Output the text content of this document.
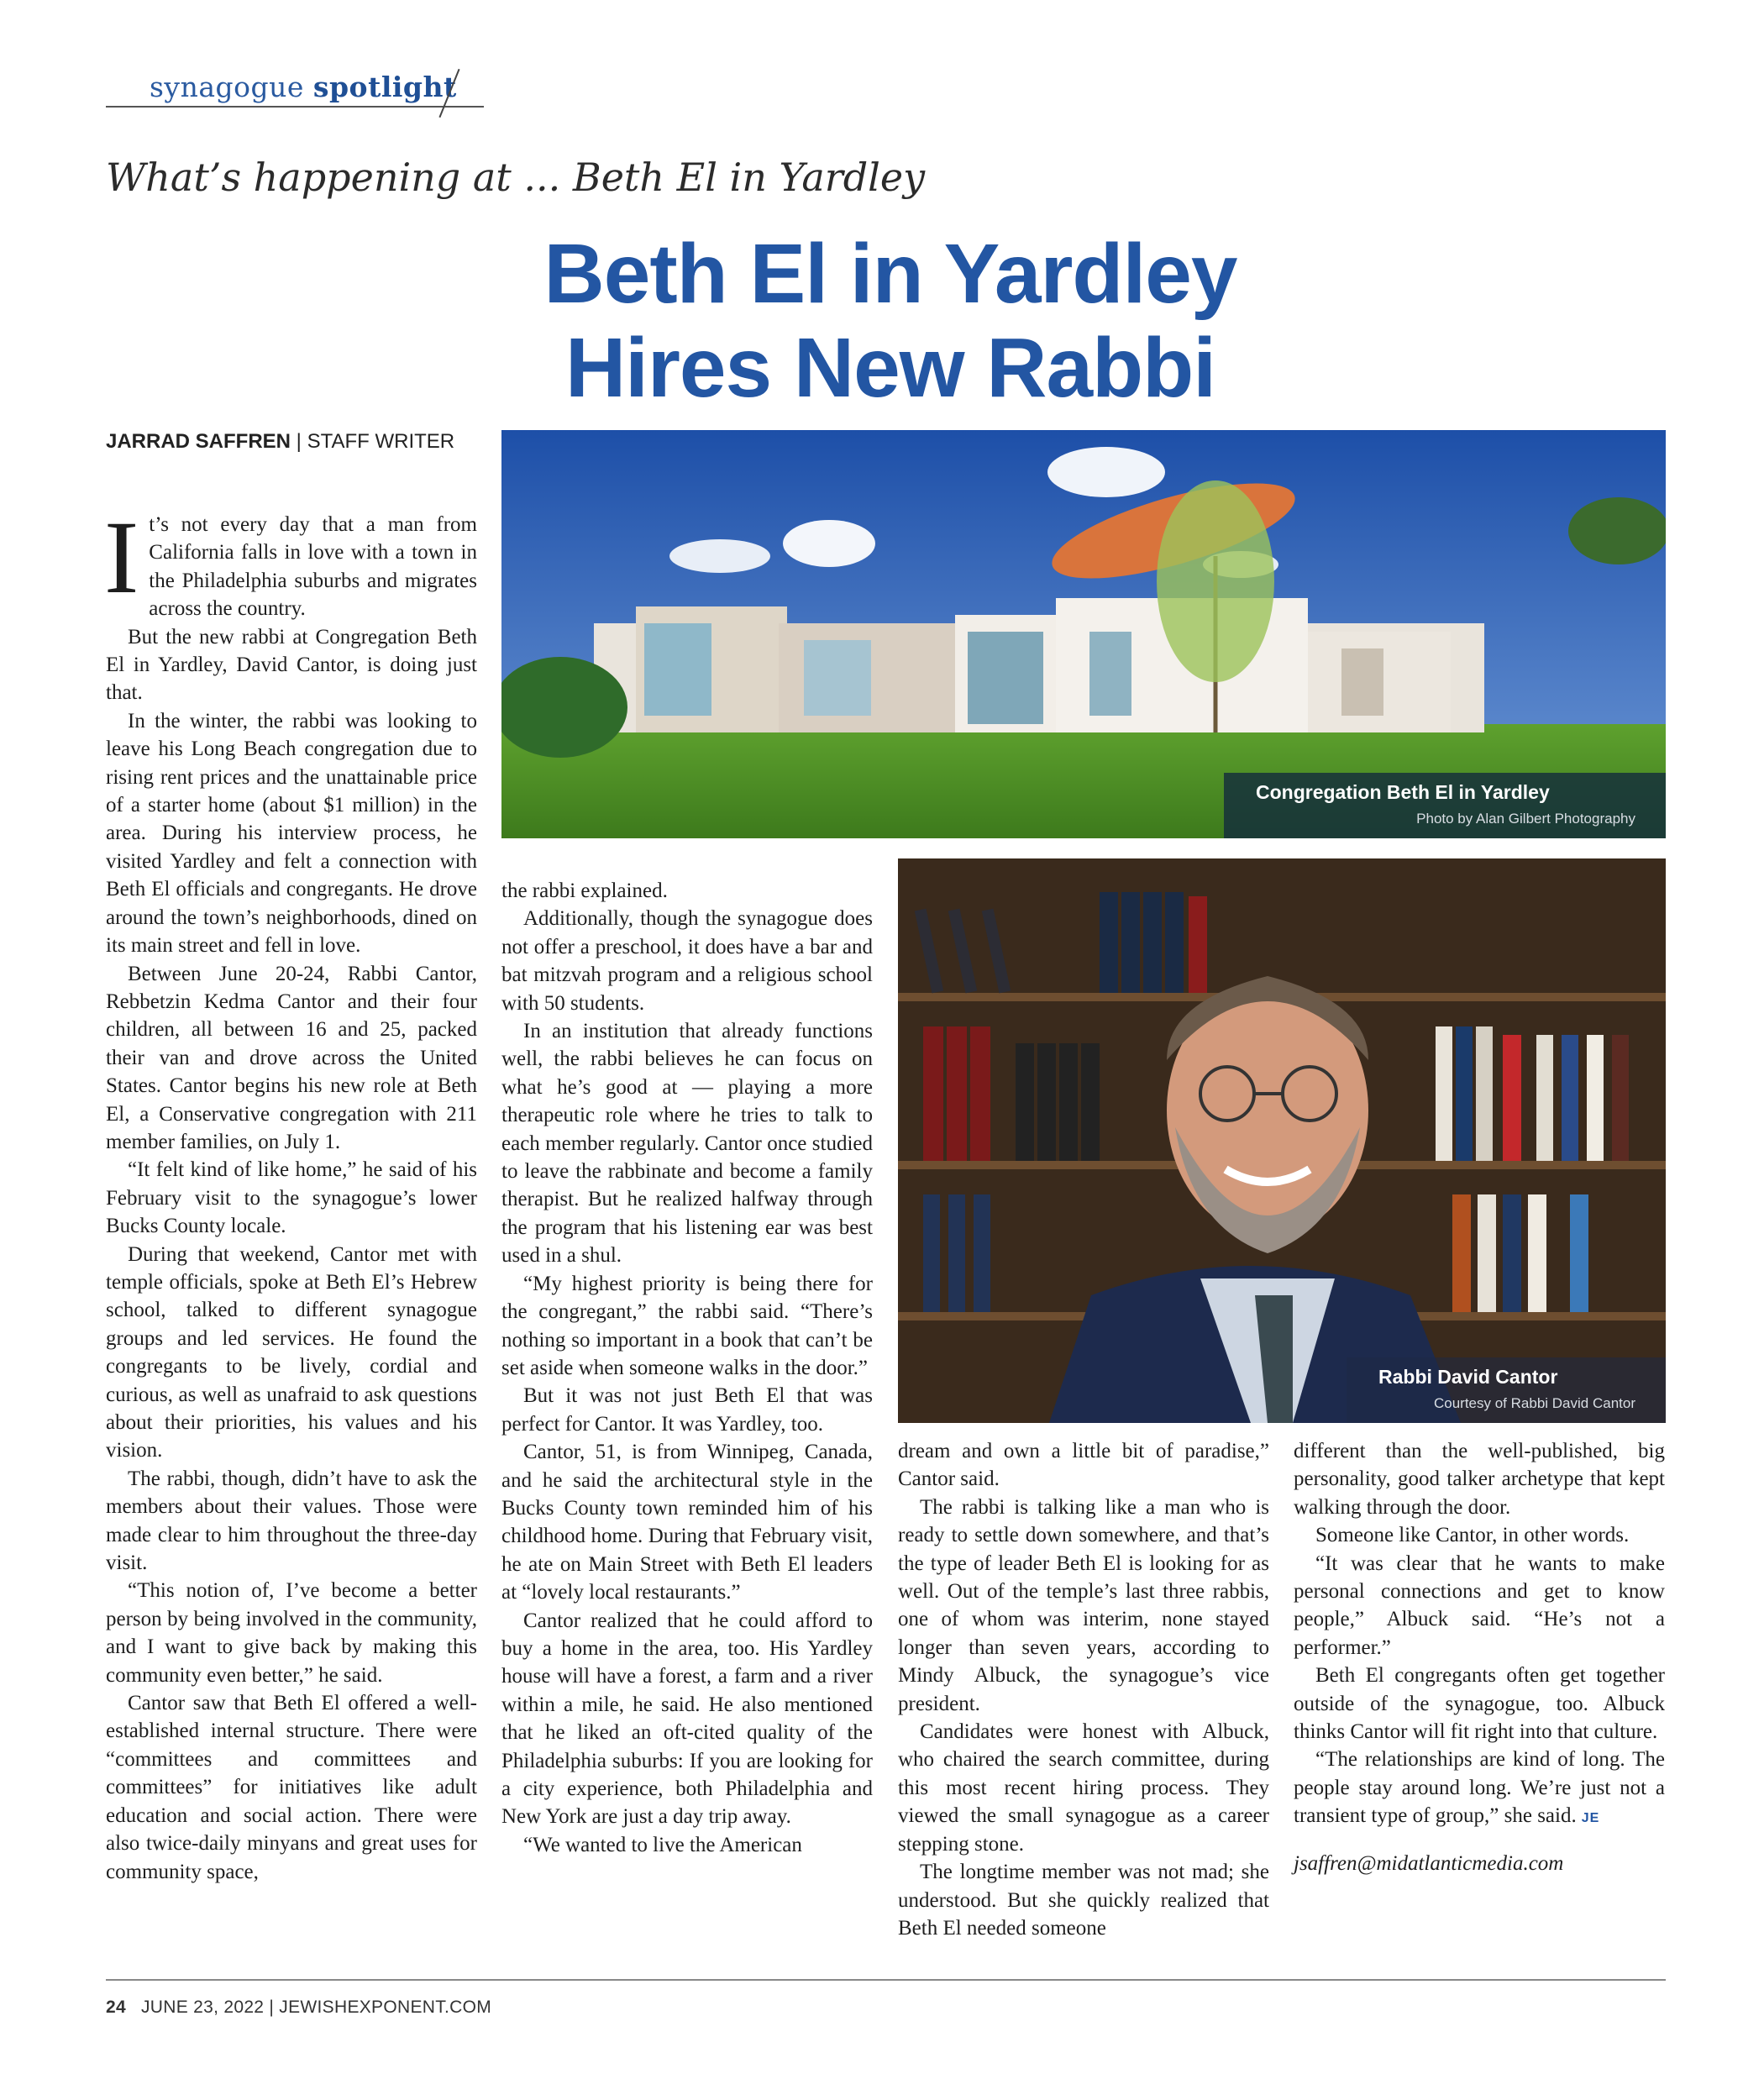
synagogue spotlight
What’s happening at ... Beth El in Yardley
Beth El in Yardley
Hires New Rabbi
JARRAD SAFFREN | STAFF WRITER
Congregation Beth El in Yardley
Photo by Alan Gilbert Photography
Rabbi David Cantor
Courtesy of Rabbi David Cantor

It’s not every day that a man from California falls in love with a town in the Philadelphia suburbs and migrates across the country.

But the new rabbi at Congregation Beth El in Yardley, David Cantor, is doing just that.

In the winter, the rabbi was looking to leave his Long Beach congregation due to rising rent prices and the unattainable price of a starter home (about $1 million) in the area. During his interview process, he visited Yardley and felt a connection with Beth El officials and congregants. He drove around the town’s neighborhoods, dined on its main street and fell in love.

Between June 20-24, Rabbi Cantor, Rebbetzin Kedma Cantor and their four children, all between 16 and 25, packed their van and drove across the United States. Cantor begins his new role at Beth El, a Conservative congregation with 211 member families, on July 1.

“It felt kind of like home,” he said of his February visit to the synagogue’s lower Bucks County locale.

During that weekend, Cantor met with temple officials, spoke at Beth El’s Hebrew school, talked to different synagogue groups and led services. He found the congregants to be lively, cordial and curious, as well as unafraid to ask questions about their priorities, his values and his vision.

The rabbi, though, didn’t have to ask the members about their values. Those were made clear to him throughout the three-day visit.

“This notion of, I’ve become a better person by being involved in the community, and I want to give back by making this community even better,” he said.

Cantor saw that Beth El offered a well-established internal structure. There were “committees and committees and committees” for initiatives like adult education and social action. There were also twice-daily minyans and great uses for community space,

the rabbi explained.

Additionally, though the synagogue does not offer a preschool, it does have a bar and bat mitzvah program and a religious school with 50 students.

In an institution that already functions well, the rabbi believes he can focus on what he’s good at — playing a more therapeutic role where he tries to talk to each member regularly. Cantor once studied to leave the rabbinate and become a family therapist. But he realized halfway through the program that his listening ear was best used in a shul.

“My highest priority is being there for the congregant,” the rabbi said. “There’s nothing so important in a book that can’t be set aside when someone walks in the door.”

But it was not just Beth El that was perfect for Cantor. It was Yardley, too.

Cantor, 51, is from Winnipeg, Canada, and he said the architectural style in the Bucks County town reminded him of his childhood home. During that February visit, he ate on Main Street with Beth El leaders at “lovely local restaurants.”

Cantor realized that he could afford to buy a home in the area, too. His Yardley house will have a forest, a farm and a river within a mile, he said. He also mentioned that he liked an oft-cited quality of the Philadelphia suburbs: If you are looking for a city experience, both Philadelphia and New York are just a day trip away.

“We wanted to live the American

dream and own a little bit of paradise,” Cantor said.

The rabbi is talking like a man who is ready to settle down somewhere, and that’s the type of leader Beth El is looking for as well. Out of the temple’s last three rabbis, one of whom was interim, none stayed longer than seven years, according to Mindy Albuck, the synagogue’s vice president.

Candidates were honest with Albuck, who chaired the search committee, during this most recent hiring process. They viewed the small synagogue as a career stepping stone.

The longtime member was not mad; she understood. But she quickly realized that Beth El needed someone

different than the well-published, big personality, good talker archetype that kept walking through the door.

Someone like Cantor, in other words.

“It was clear that he wants to make personal connections and get to know people,” Albuck said. “He’s not a performer.”

Beth El congregants often get together outside of the synagogue, too. Albuck thinks Cantor will fit right into that culture.

“The relationships are kind of long. The people stay around long. We’re just not a transient type of group,” she said. JE

jsaffren@midatlanticmedia.com

24 JUNE 23, 2022 | JEWISHEXPONENT.COM
